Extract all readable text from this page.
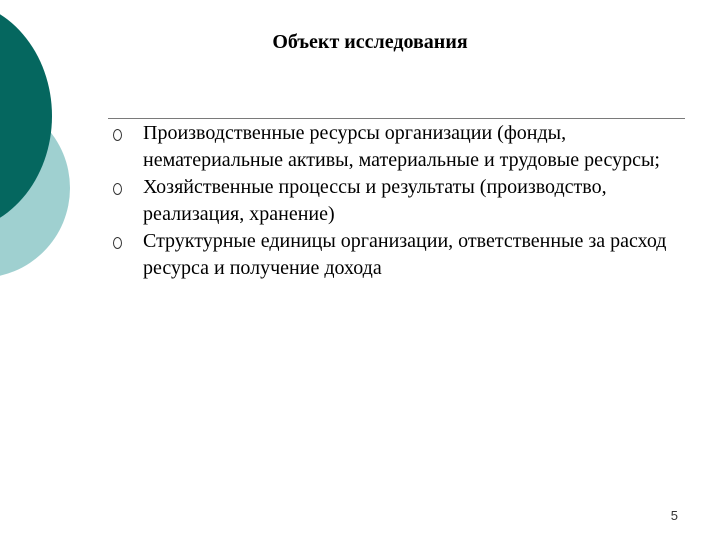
Объект исследования

Производственные ресурсы организации (фонды, нематериальные активы, материальные и трудовые ресурсы;

Хозяйственные процессы и результаты (производство, реализация, хранение)

Структурные единицы организации, ответственные за расход ресурса и получение дохода

5
